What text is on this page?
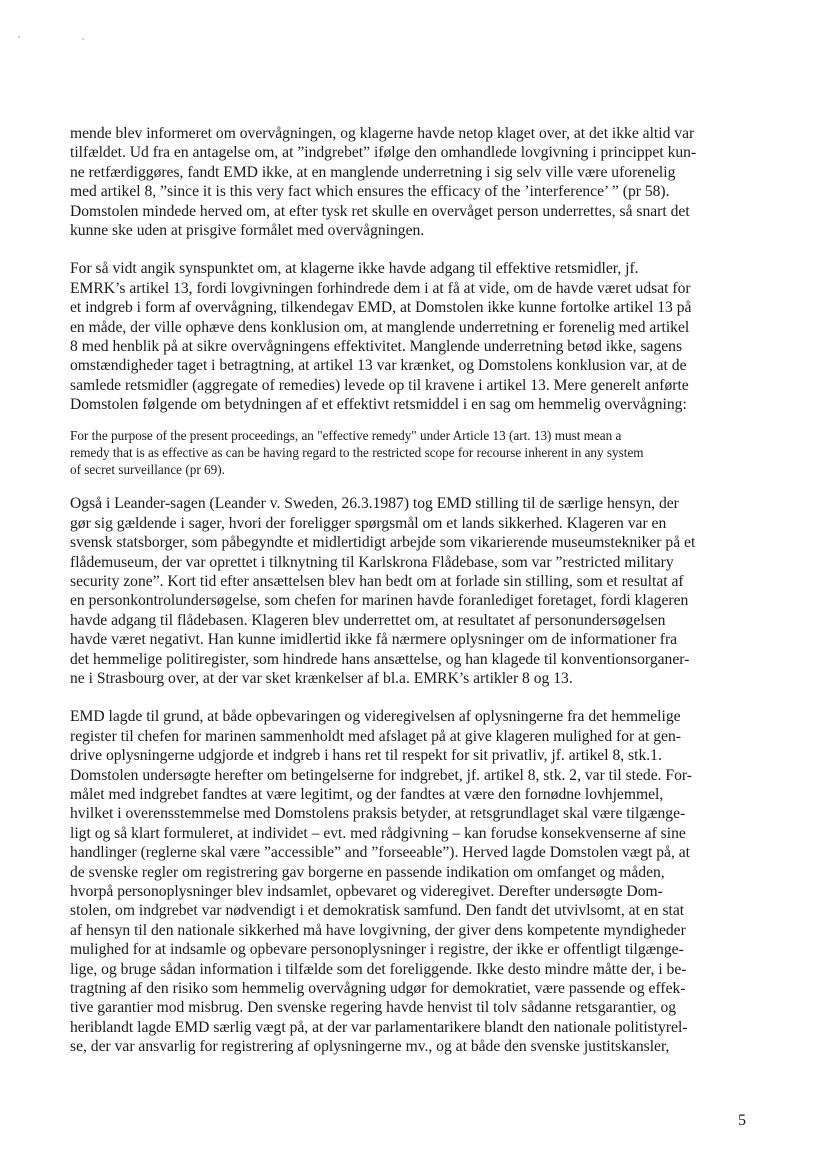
mende blev informeret om overvågningen, og klagerne havde netop klaget over, at det ikke altid var
tilfældet. Ud fra en antagelse om, at ”indgrebet” ifølge den omhandlede lovgivning i princippet kun-
ne retfærdiggøres, fandt EMD ikke, at en manglende underretning i sig selv ville være uforenelig
med artikel 8, ”since it is this very fact which ensures the efficacy of the ’interference’ ” (pr 58).
Domstolen mindede herved om, at efter tysk ret skulle en overvåget person underrettes, så snart det
kunne ske uden at prisgive formålet med overvågningen.

For så vidt angik synspunktet om, at klagerne ikke havde adgang til effektive retsmidler, jf.
EMRK’s artikel 13, fordi lovgivningen forhindrede dem i at få at vide, om de havde været udsat for
et indgreb i form af overvågning, tilkendegav EMD, at Domstolen ikke kunne fortolke artikel 13 på
en måde, der ville ophæve dens konklusion om, at manglende underretning er forenelig med artikel
8 med henblik på at sikre overvågningens effektivitet. Manglende underretning betød ikke, sagens
omstændigheder taget i betragtning, at artikel 13 var krænket, og Domstolens konklusion var, at de
samlede retsmidler (aggregate of remedies) levede op til kravene i artikel 13. Mere generelt anførte
Domstolen følgende om betydningen af et effektivt retsmiddel i en sag om hemmelig overvågning:

For the purpose of the present proceedings, an "effective remedy" under Article 13 (art. 13) must mean a
remedy that is as effective as can be having regard to the restricted scope for recourse inherent in any system
of secret surveillance (pr 69).

Også i Leander-sagen (Leander v. Sweden, 26.3.1987) tog EMD stilling til de særlige hensyn, der
gør sig gældende i sager, hvori der foreligger spørgsmål om et lands sikkerhed. Klageren var en
svensk statsborger, som påbegyndte et midlertidigt arbejde som vikarierende museumstekniker på et
flådemuseum, der var oprettet i tilknytning til Karlskrona Flådebase, som var ”restricted military
security zone”. Kort tid efter ansættelsen blev han bedt om at forlade sin stilling, som et resultat af
en personkontrolundersøgelse, som chefen for marinen havde foranlediget foretaget, fordi klageren
havde adgang til flådebasen. Klageren blev underrettet om, at resultatet af personundersøgelsen
havde været negativt. Han kunne imidlertid ikke få nærmere oplysninger om de informationer fra
det hemmelige politiregister, som hindrede hans ansættelse, og han klagede til konventionsorganer-
ne i Strasbourg over, at der var sket krænkelser af bl.a. EMRK’s artikler 8 og 13.

EMD lagde til grund, at både opbevaringen og videregivelsen af oplysningerne fra det hemmelige
register til chefen for marinen sammenholdt med afslaget på at give klageren mulighed for at gen-
drive oplysningerne udgjorde et indgreb i hans ret til respekt for sit privatliv, jf. artikel 8, stk.1.
Domstolen undersøgte herefter om betingelserne for indgrebet, jf. artikel 8, stk. 2, var til stede. For-
målet med indgrebet fandtes at være legitimt, og der fandtes at være den fornødne lovhjemmel,
hvilket i overensstemmelse med Domstolens praksis betyder, at retsgrundlaget skal være tilgænge-
ligt og så klart formuleret, at individet – evt. med rådgivning – kan forudse konsekvenserne af sine
handlinger (reglerne skal være ”accessible” and ”forseeable”). Herved lagde Domstolen vægt på, at
de svenske regler om registrering gav borgerne en passende indikation om omfanget og måden,
hvorpå personoplysninger blev indsamlet, opbevaret og videregivet. Derefter undersøgte Dom-
stolen, om indgrebet var nødvendigt i et demokratisk samfund. Den fandt det utvivlsomt, at en stat
af hensyn til den nationale sikkerhed må have lovgivning, der giver dens kompetente myndigheder
mulighed for at indsamle og opbevare personoplysninger i registre, der ikke er offentligt tilgænge-
lige, og bruge sådan information i tilfælde som det foreliggende. Ikke desto mindre måtte der, i be-
tragtning af den risiko som hemmelig overvågning udgør for demokratiet, være passende og effek-
tive garantier mod misbrug. Den svenske regering havde henvist til tolv sådanne retsgarantier, og
heriblandt lagde EMD særlig vægt på, at der var parlamentarikere blandt den nationale politistyrel-
se, der var ansvarlig for registrering af oplysningerne mv., og at både den svenske justitskansler,

5
